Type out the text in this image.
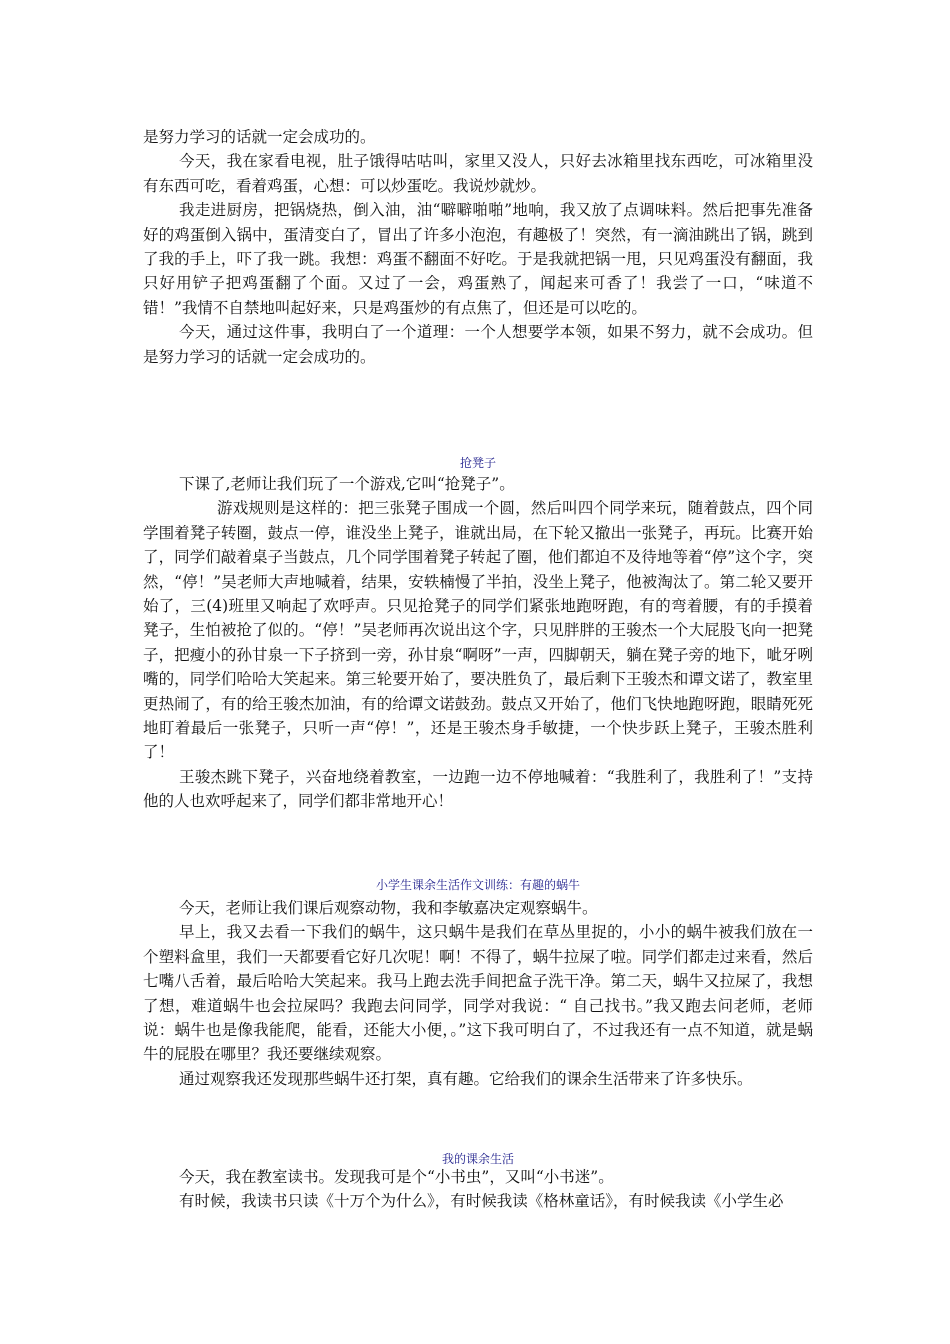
是努力学习的话就一定会成功的。

今天，我在家看电视，肚子饿得咕咕叫，家里又没人，只好去冰箱里找东西吃，可冰箱里没有东西可吃，看着鸡蛋，心想：可以炒蛋吃。我说炒就炒。

我走进厨房，把锅烧热，倒入油，油“噼噼啪啪”地响，我又放了点调味料。然后把事先准备好的鸡蛋倒入锅中，蛋清变白了，冒出了许多小泡泡，有趣极了！突然，有一滴油跳出了锅，跳到了我的手上，吓了我一跳。我想：鸡蛋不翻面不好吃。于是我就把锅一甩，只见鸡蛋没有翻面，我只好用铲子把鸡蛋翻了个面。又过了一会，鸡蛋熟了，闻起来可香了！我尝了一口，“味道不错！”我情不自禁地叫起好来，只是鸡蛋炒的有点焦了，但还是可以吃的。

今天，通过这件事，我明白了一个道理：一个人想要学本领，如果不努力，就不会成功。但是努力学习的话就一定会成功的。

抢凳子

下课了,老师让我们玩了一个游戏,它叫“抢凳子”。

游戏规则是这样的：把三张凳子围成一个圆，然后叫四个同学来玩，随着鼓点，四个同学围着凳子转圈，鼓点一停，谁没坐上凳子，谁就出局，在下轮又撤出一张凳子，再玩。比赛开始了，同学们敲着桌子当鼓点，几个同学围着凳子转起了圈，他们都迫不及待地等着“停”这个字，突然，“停！”吴老师大声地喊着，结果，安轶楠慢了半拍，没坐上凳子，他被淘汰了。第二轮又要开始了，三(4)班里又响起了欢呼声。只见抢凳子的同学们紧张地跑呀跑，有的弯着腰，有的手摸着凳子，生怕被抢了似的。“停！”吴老师再次说出这个字，只见胖胖的王骏杰一个大屁股飞向一把凳子，把瘦小的孙甘泉一下子挤到一旁，孙甘泉“啊呀”一声，四脚朝天，躺在凳子旁的地下，呲牙咧嘴的，同学们哈哈大笑起来。第三轮要开始了，要决胜负了，最后剩下王骏杰和谭文诺了，教室里更热闹了，有的给王骏杰加油，有的给谭文诺鼓劲。鼓点又开始了，他们飞快地跑呀跑，眼睛死死地盯着最后一张凳子，只听一声“停！”，还是王骏杰身手敏捷，一个快步跃上凳子，王骏杰胜利了！

王骏杰跳下凳子，兴奋地绕着教室，一边跑一边不停地喊着：“我胜利了，我胜利了！”支持他的人也欢呼起来了，同学们都非常地开心！

小学生课余生活作文训练：有趣的蜗牛

今天，老师让我们课后观察动物，我和李敏嘉决定观察蜗牛。

早上，我又去看一下我们的蜗牛，这只蜗牛是我们在草丛里捉的，小小的蜗牛被我们放在一个塑料盒里，我们一天都要看它好几次呢！啊！不得了，蜗牛拉屎了啦。同学们都走过来看，然后七嘴八舌着，最后哈哈大笑起来。我马上跑去洗手间把盒子洗干净。第二天，蜗牛又拉屎了，我想了想，难道蜗牛也会拉屎吗？我跑去问同学，同学对我说：“ 自己找书。”我又跑去问老师，老师说：蜗牛也是像我能爬，能看，还能大小便，。”这下我可明白了，不过我还有一点不知道，就是蜗牛的屁股在哪里？我还要继续观察。

通过观察我还发现那些蜗牛还打架，真有趣。它给我们的课余生活带来了许多快乐。

我的课余生活

今天，我在教室读书。发现我可是个“小书虫”，又叫“小书迷”。

有时候，我读书只读《十万个为什么》，有时候我读《格林童话》，有时候我读《小学生必
